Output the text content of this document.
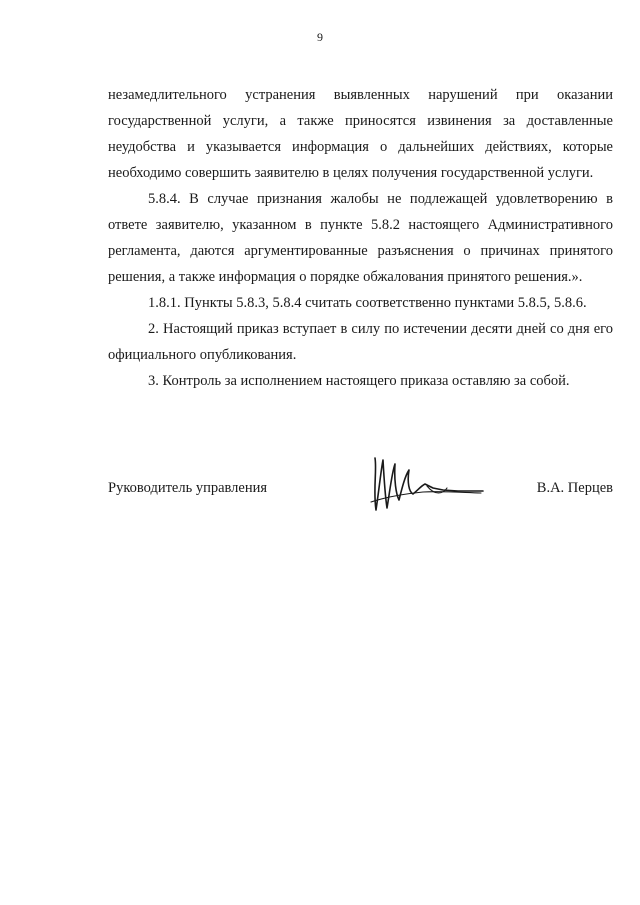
9

незамедлительного устранения выявленных нарушений при оказании государственной услуги, а также приносятся извинения за доставленные неудобства и указывается информация о дальнейших действиях, которые необходимо совершить заявителю в целях получения государственной услуги.

5.8.4. В случае признания жалобы не подлежащей удовлетворению в ответе заявителю, указанном в пункте 5.8.2 настоящего Административного регламента, даются аргументированные разъяснения о причинах принятого решения, а также информация о порядке обжалования принятого решения.».

1.8.1. Пункты 5.8.3, 5.8.4 считать соответственно пунктами 5.8.5, 5.8.6.

2. Настоящий приказ вступает в силу по истечении десяти дней со дня его официального опубликования.

3. Контроль за исполнением настоящего приказа оставляю за собой.

Руководитель управления	В.А. Перцев
